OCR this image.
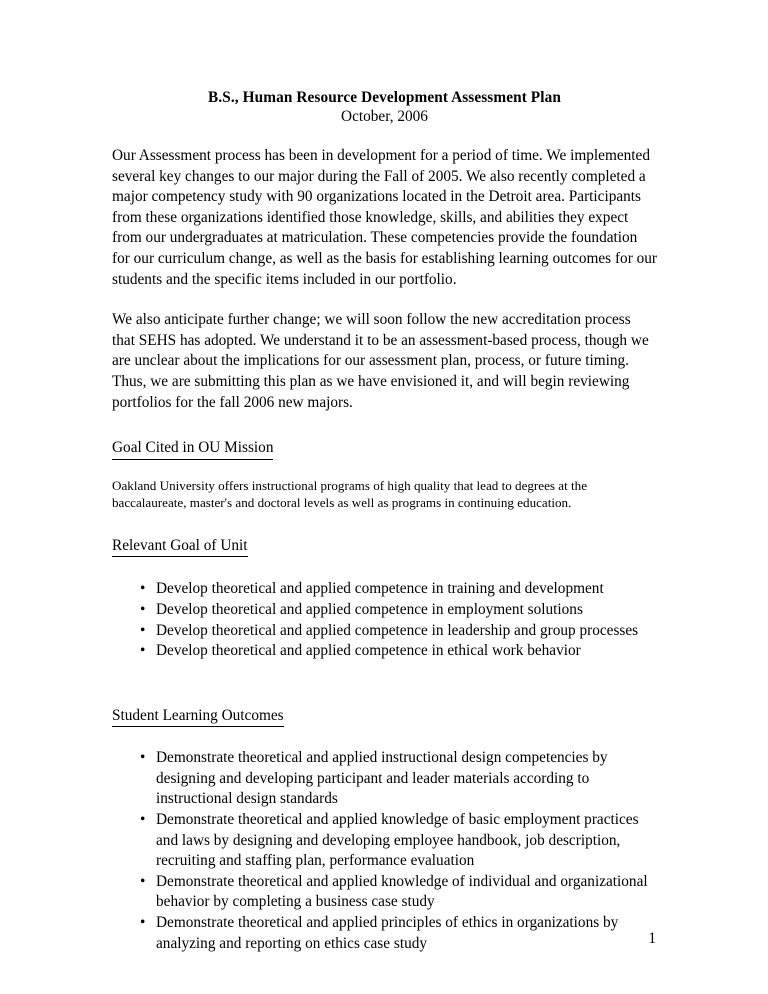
B.S., Human Resource Development Assessment Plan
October, 2006

Our Assessment process has been in development for a period of time. We implemented several key changes to our major during the Fall of 2005. We also recently completed a major competency study with 90 organizations located in the Detroit area. Participants from these organizations identified those knowledge, skills, and abilities they expect from our undergraduates at matriculation. These competencies provide the foundation for our curriculum change, as well as the basis for establishing learning outcomes for our students and the specific items included in our portfolio.

We also anticipate further change; we will soon follow the new accreditation process that SEHS has adopted. We understand it to be an assessment-based process, though we are unclear about the implications for our assessment plan, process, or future timing. Thus, we are submitting this plan as we have envisioned it, and will begin reviewing portfolios for the fall 2006 new majors.

Goal Cited in OU Mission

Oakland University offers instructional programs of high quality that lead to degrees at the baccalaureate, master's and doctoral levels as well as programs in continuing education.

Relevant Goal of Unit
• Develop theoretical and applied competence in training and development
• Develop theoretical and applied competence in employment solutions
• Develop theoretical and applied competence in leadership and group processes
• Develop theoretical and applied competence in ethical work behavior
Student Learning Outcomes
• Demonstrate theoretical and applied instructional design competencies by designing and developing participant and leader materials according to instructional design standards
• Demonstrate theoretical and applied knowledge of basic employment practices and laws by designing and developing employee handbook, job description, recruiting and staffing plan, performance evaluation
• Demonstrate theoretical and applied knowledge of individual and organizational behavior by completing a business case study
• Demonstrate theoretical and applied principles of ethics in organizations by analyzing and reporting on ethics case study	1
